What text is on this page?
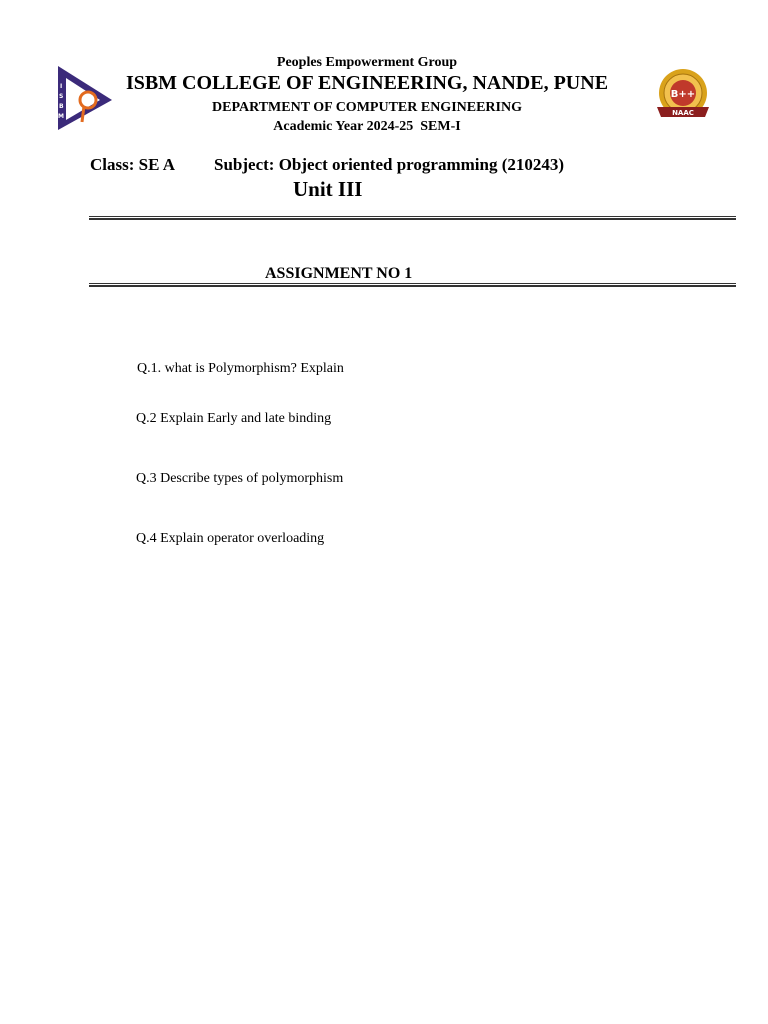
I
S
B
M
B++
NAAC
Peoples Empowerment Group
ISBM COLLEGE OF ENGINEERING, NANDE, PUNE
DEPARTMENT OF COMPUTER ENGINEERING
Academic Year 2024-25  SEM-I
Class: SE A Subject: Object oriented programming (210243)
Unit III
ASSIGNMENT NO 1
Q.1. what is Polymorphism? Explain
Q.2 Explain Early and late binding
Q.3 Describe types of polymorphism
Q.4 Explain operator overloading
